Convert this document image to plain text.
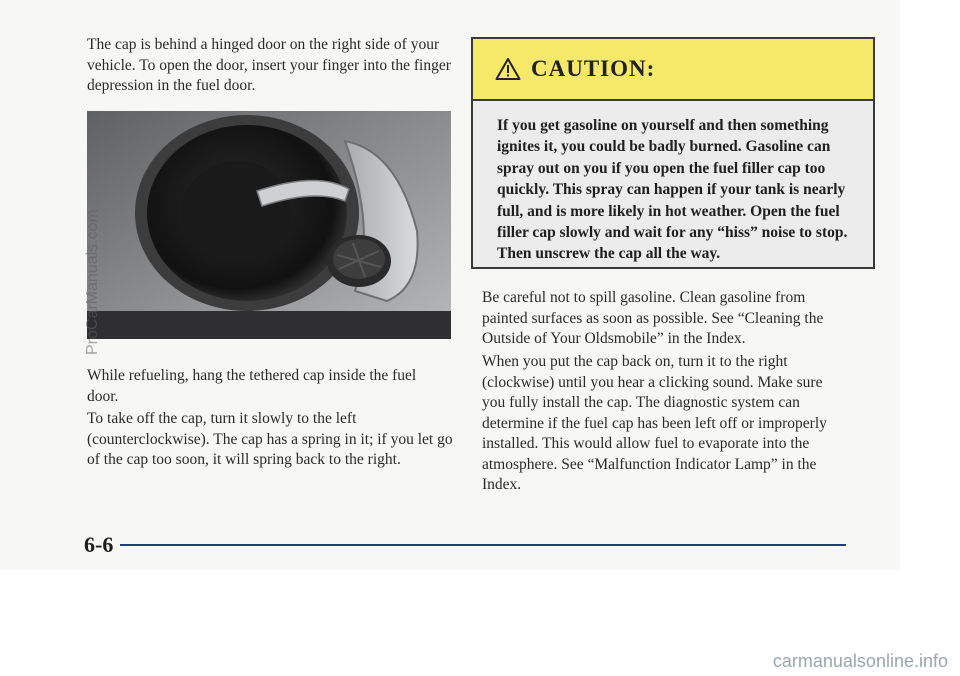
The cap is behind a hinged door on the right side of your vehicle. To open the door, insert your finger into the finger depression in the fuel door.

While refueling, hang the tethered cap inside the fuel door.

To take off the cap, turn it slowly to the left (counterclockwise). The cap has a spring in it; if you let go of the cap too soon, it will spring back to the right.

CAUTION:

If you get gasoline on yourself and then something ignites it, you could be badly burned. Gasoline can spray out on you if you open the fuel filler cap too quickly. This spray can happen if your tank is nearly full, and is more likely in hot weather. Open the fuel filler cap slowly and wait for any “hiss” noise to stop. Then unscrew the cap all the way.

Be careful not to spill gasoline. Clean gasoline from painted surfaces as soon as possible. See “Cleaning the Outside of Your Oldsmobile” in the Index.

When you put the cap back on, turn it to the right (clockwise) until you hear a clicking sound. Make sure you fully install the cap. The diagnostic system can determine if the fuel cap has been left off or improperly installed. This would allow fuel to evaporate into the atmosphere. See “Malfunction Indicator Lamp” in the Index.

6-6
ProCarManuals.com
carmanualsonline.info
